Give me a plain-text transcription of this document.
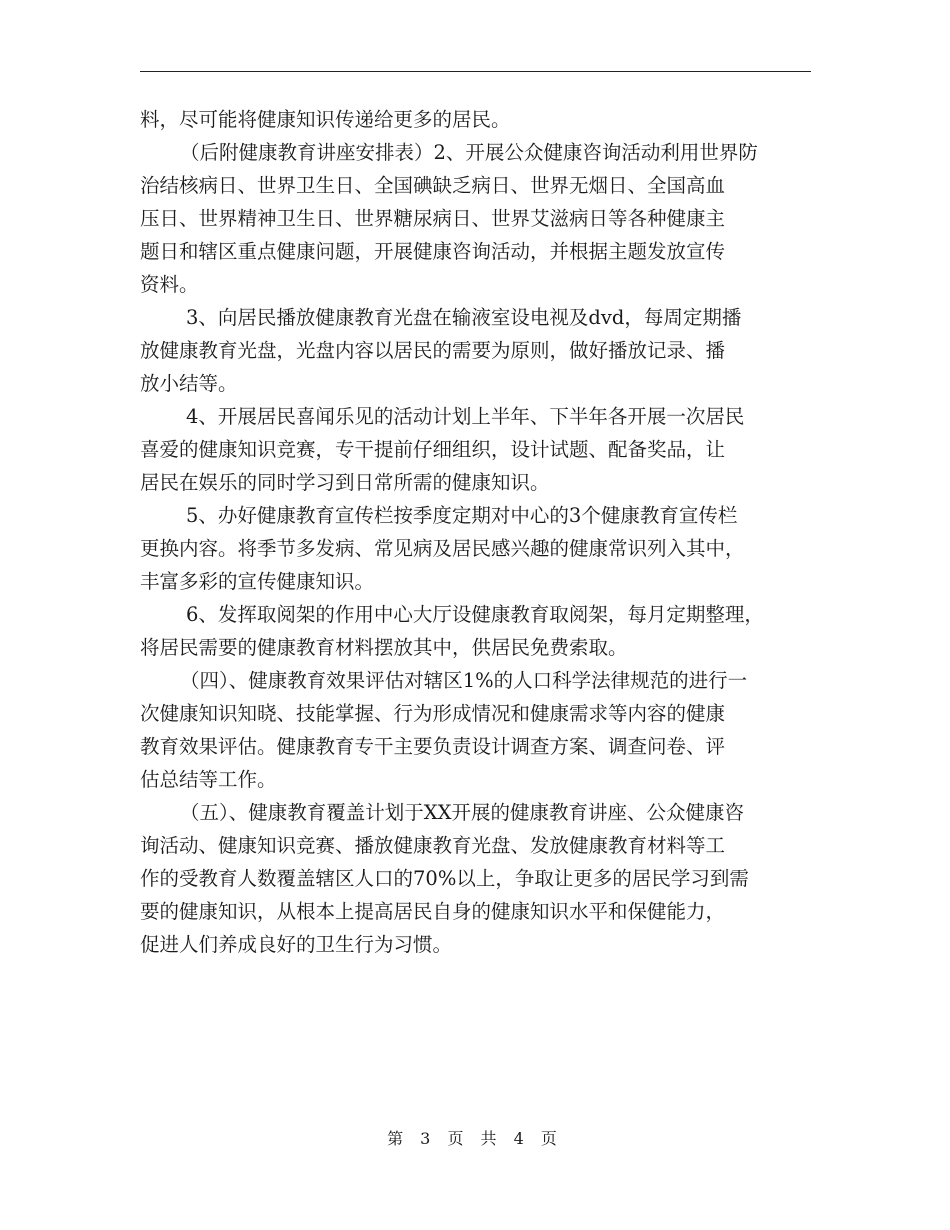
料，尽可能将健康知识传递给更多的居民。
（后附健康教育讲座安排表）2、开展公众健康咨询活动利用世界防
治结核病日、世界卫生日、全国碘缺乏病日、世界无烟日、全国高血
压日、世界精神卫生日、世界糖尿病日、世界艾滋病日等各种健康主
题日和辖区重点健康问题，开展健康咨询活动，并根据主题发放宣传
资料。
3、向居民播放健康教育光盘在输液室设电视及dvd，每周定期播
放健康教育光盘，光盘内容以居民的需要为原则，做好播放记录、播
放小结等。
4、开展居民喜闻乐见的活动计划上半年、下半年各开展一次居民
喜爱的健康知识竞赛，专干提前仔细组织，设计试题、配备奖品，让
居民在娱乐的同时学习到日常所需的健康知识。
5、办好健康教育宣传栏按季度定期对中心的3个健康教育宣传栏
更换内容。将季节多发病、常见病及居民感兴趣的健康常识列入其中，
丰富多彩的宣传健康知识。
6、发挥取阅架的作用中心大厅设健康教育取阅架，每月定期整理，
将居民需要的健康教育材料摆放其中，供居民免费索取。
（四）、健康教育效果评估对辖区1%的人口科学法律规范的进行一
次健康知识知晓、技能掌握、行为形成情况和健康需求等内容的健康
教育效果评估。健康教育专干主要负责设计调查方案、调查问卷、评
估总结等工作。
（五）、健康教育覆盖计划于XX开展的健康教育讲座、公众健康咨
询活动、健康知识竞赛、播放健康教育光盘、发放健康教育材料等工
作的受教育人数覆盖辖区人口的70%以上，争取让更多的居民学习到需
要的健康知识，从根本上提高居民自身的健康知识水平和保健能力，
促进人们养成良好的卫生行为习惯。
第 3 页 共 4 页
